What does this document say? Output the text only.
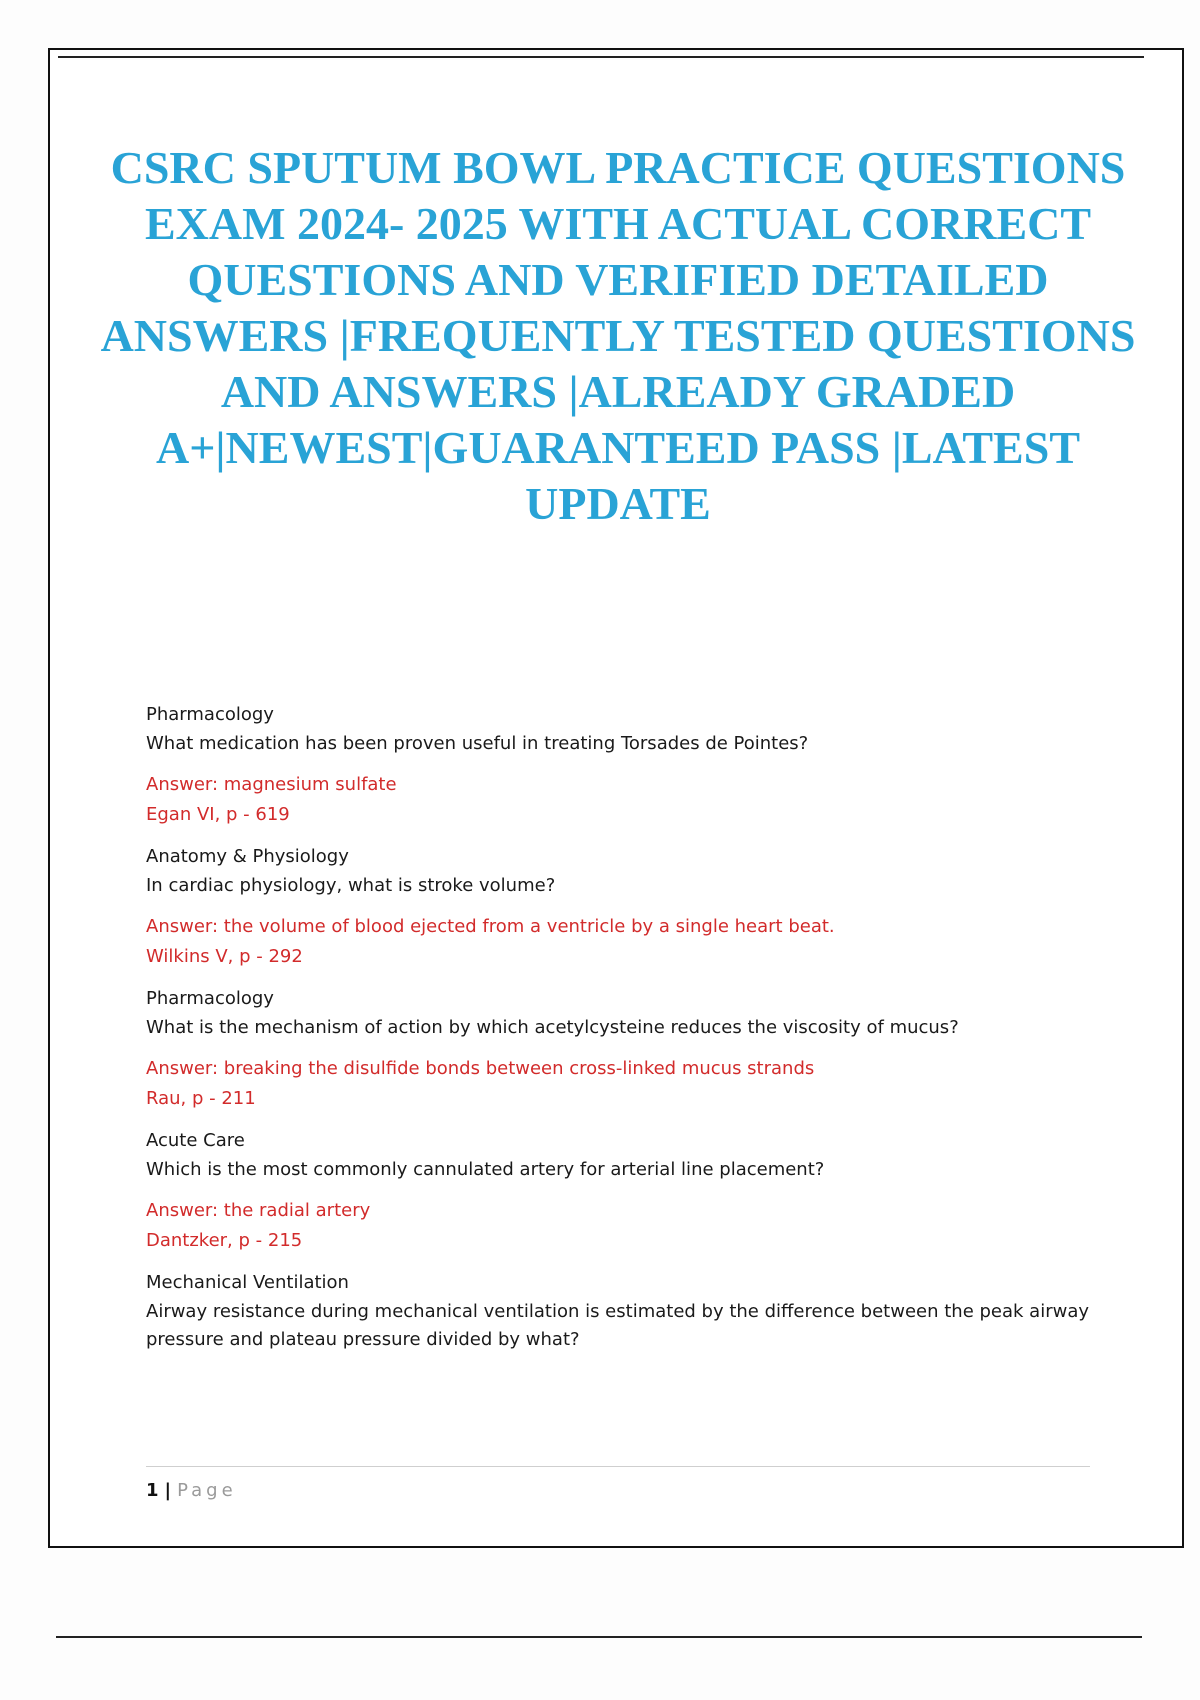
CSRC SPUTUM BOWL PRACTICE QUESTIONS EXAM 2024- 2025 WITH ACTUAL CORRECT QUESTIONS AND VERIFIED DETAILED ANSWERS |FREQUENTLY TESTED QUESTIONS AND ANSWERS |ALREADY GRADED A+|NEWEST|GUARANTEED PASS |LATEST UPDATE

Pharmacology

What medication has been proven useful in treating Torsades de Pointes?

Answer: magnesium sulfate

Egan VI, p - 619

Anatomy & Physiology

In cardiac physiology, what is stroke volume?

Answer: the volume of blood ejected from a ventricle by a single heart beat.

Wilkins V, p - 292

Pharmacology

What is the mechanism of action by which acetylcysteine reduces the viscosity of mucus?

Answer: breaking the disulfide bonds between cross-linked mucus strands

Rau, p - 211

Acute Care

Which is the most commonly cannulated artery for arterial line placement?

Answer: the radial artery

Dantzker, p - 215

Mechanical Ventilation

Airway resistance during mechanical ventilation is estimated by the difference between the peak airway pressure and plateau pressure divided by what?

1 | Page
